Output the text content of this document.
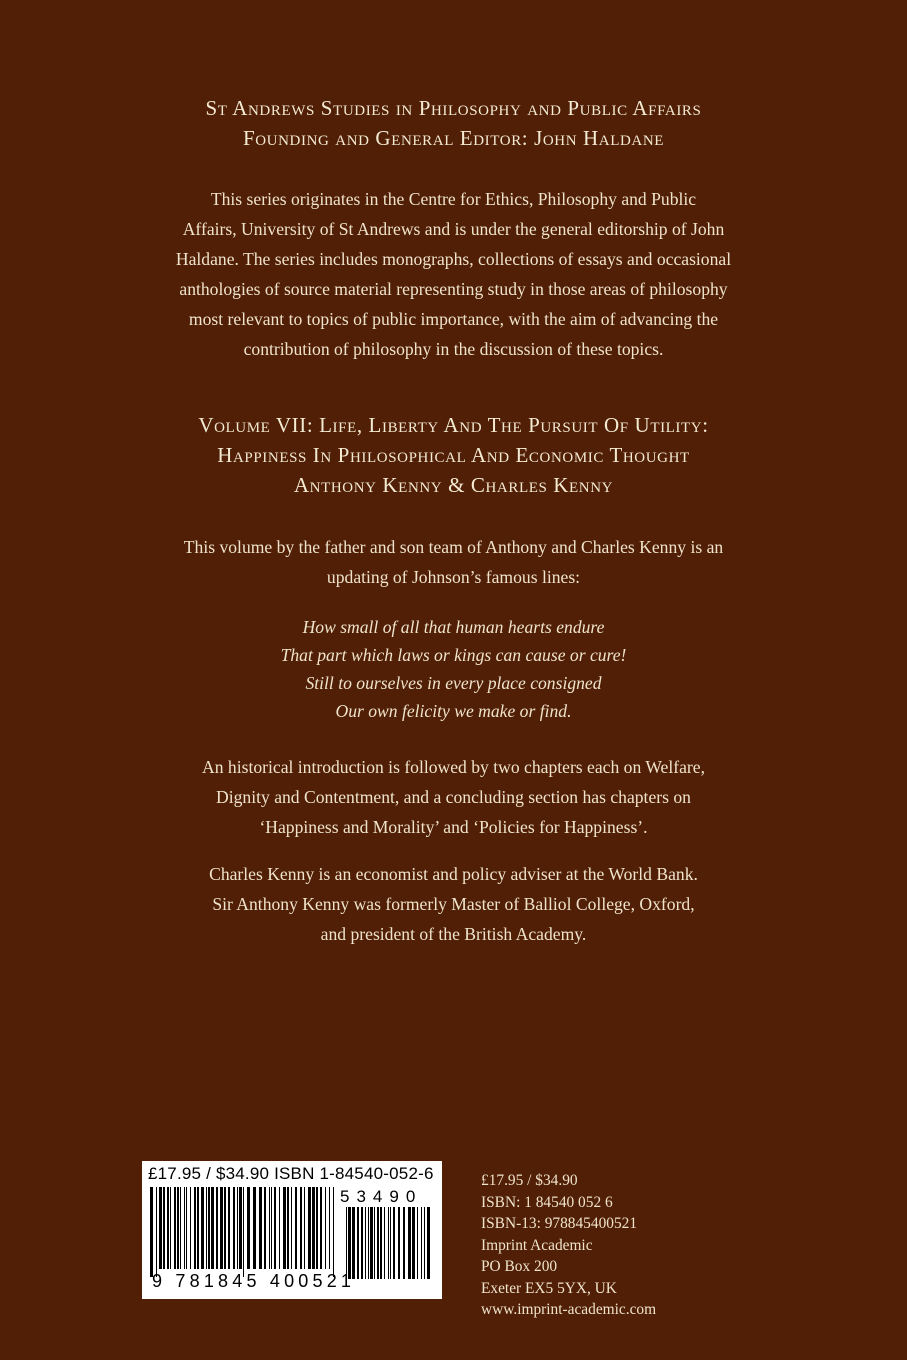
St Andrews Studies in Philosophy and Public Affairs
Founding and General Editor: John Haldane
This series originates in the Centre for Ethics, Philosophy and Public
Affairs, University of St Andrews and is under the general editorship of John
Haldane. The series includes monographs, collections of essays and occasional
anthologies of source material representing study in those areas of philosophy
most relevant to topics of public importance, with the aim of advancing the
contribution of philosophy in the discussion of these topics.
Volume VII: Life, Liberty And The Pursuit Of Utility:
Happiness In Philosophical And Economic Thought
Anthony Kenny & Charles Kenny
This volume by the father and son team of Anthony and Charles Kenny is an
updating of Johnson’s famous lines:
How small of all that human hearts endure
That part which laws or kings can cause or cure!
Still to ourselves in every place consigned
Our own felicity we make or find.
An historical introduction is followed by two chapters each on Welfare,
Dignity and Contentment, and a concluding section has chapters on
‘Happiness and Morality’ and ‘Policies for Happiness’.
Charles Kenny is an economist and policy adviser at the World Bank.
Sir Anthony Kenny was formerly Master of Balliol College, Oxford,
and president of the British Academy.
£17.95 / $34.90 ISBN 1-84540-052-6
53490
9 781845 400521
£17.95 / $34.90
ISBN: 1 84540 052 6
ISBN-13: 978845400521
Imprint Academic
PO Box 200
Exeter EX5 5YX, UK
www.imprint-academic.com
